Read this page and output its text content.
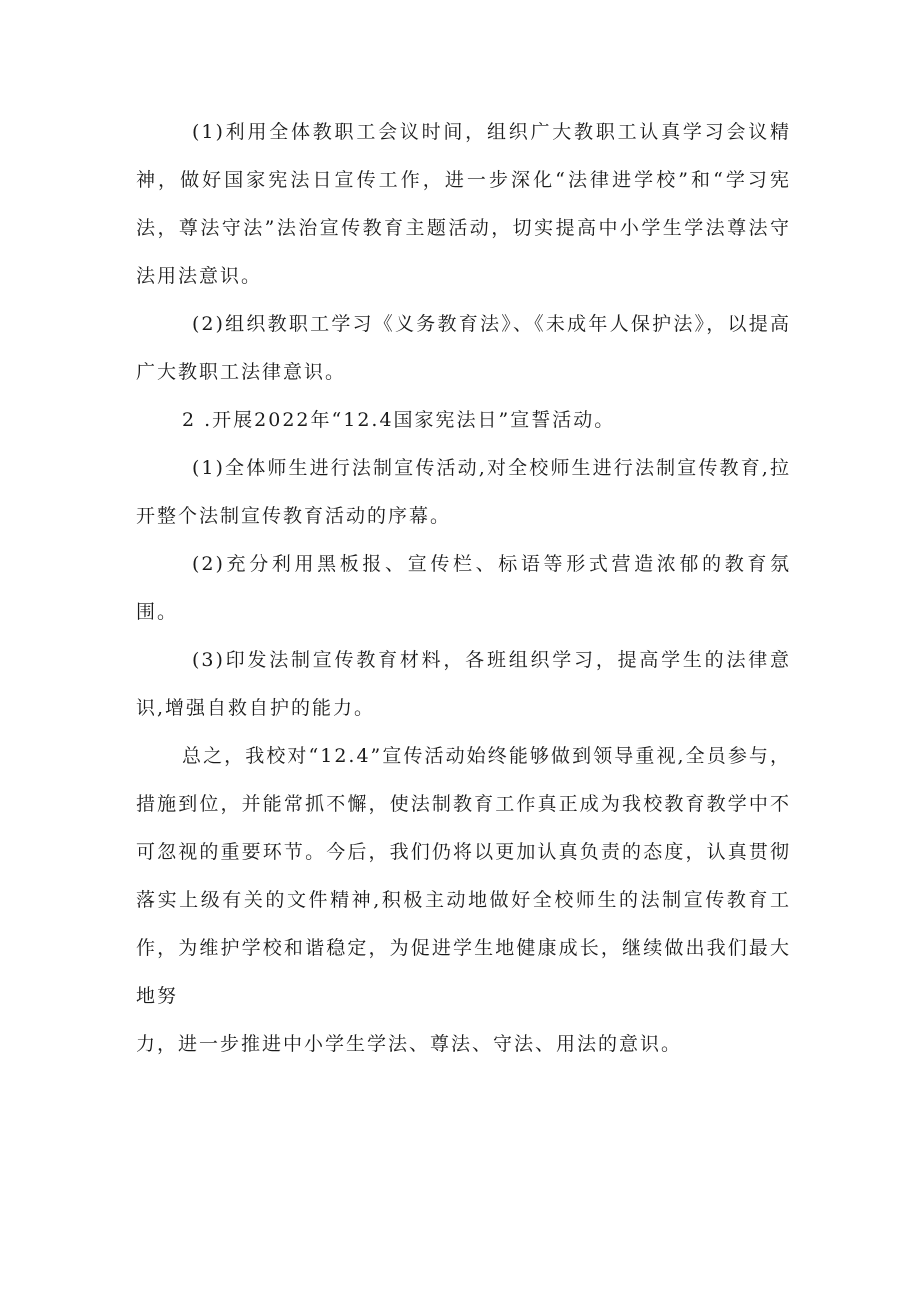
(1)利用全体教职工会议时间，组织广大教职工认真学习会议精神，做好国家宪法日宣传工作，进一步深化“法律进学校”和“学习宪法，尊法守法”法治宣传教育主题活动，切实提高中小学生学法尊法守法用法意识。

(2)组织教职工学习《义务教育法》、《未成年人保护法》，以提高广大教职工法律意识。

2 .开展2022年“12.4国家宪法日”宣誓活动。

(1)全体师生进行法制宣传活动,对全校师生进行法制宣传教育,拉开整个法制宣传教育活动的序幕。

(2)充分利用黑板报、宣传栏、标语等形式营造浓郁的教育氛围。

(3)印发法制宣传教育材料，各班组织学习，提高学生的法律意识,增强自救自护的能力。

总之，我校对“12.4”宣传活动始终能够做到领导重视,全员参与，措施到位，并能常抓不懈，使法制教育工作真正成为我校教育教学中不可忽视的重要环节。今后，我们仍将以更加认真负责的态度，认真贯彻落实上级有关的文件精神,积极主动地做好全校师生的法制宣传教育工作，为维护学校和谐稳定，为促进学生地健康成长，继续做出我们最大地努

力，进一步推进中小学生学法、尊法、守法、用法的意识。
